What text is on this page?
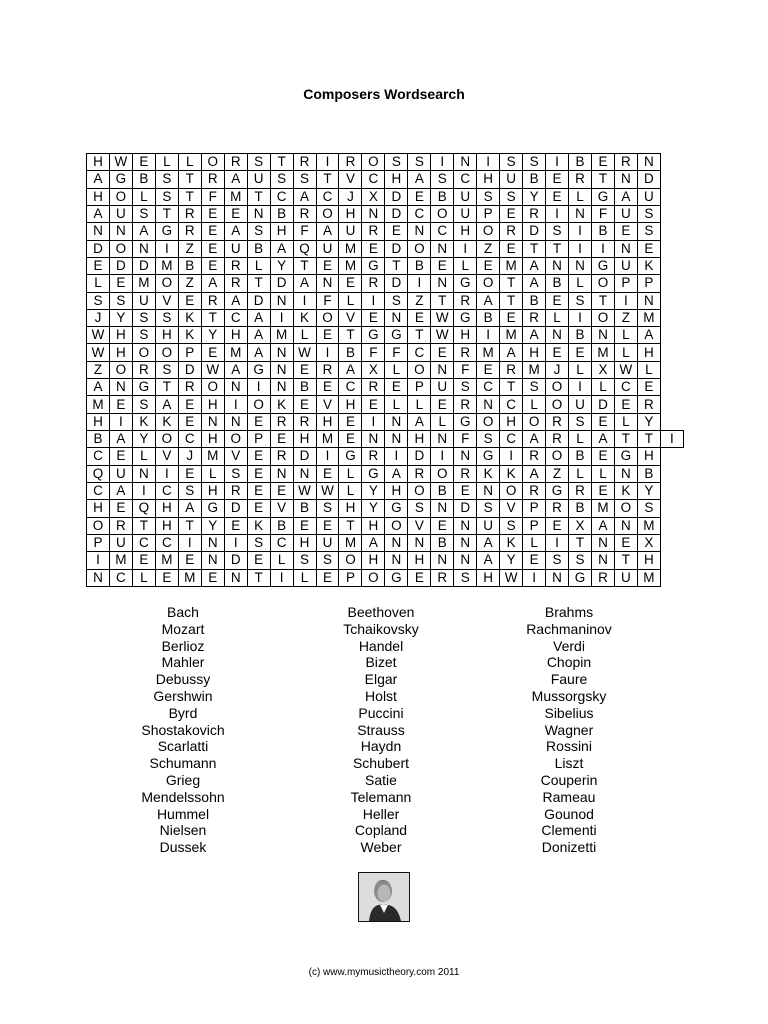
Composers Wordsearch
H	W	E	L	L	O	R	S	T	R	I	R	O	S	S	I	N	I	S	S	I	B	E	R	N	
A	G	B	S	T	R	A	U	S	S	T	V	C	H	A	S	C	H	U	B	E	R	T	N	D	
H	O	L	S	T	F	M	T	C	A	C	J	X	D	E	B	U	S	S	Y	E	L	G	A	U	
A	U	S	T	R	E	E	N	B	R	O	H	N	D	C	O	U	P	E	R	I	N	F	U	S	
N	N	A	G	R	E	A	S	H	F	A	U	R	E	N	C	H	O	R	D	S	I	B	E	S	
D	O	N	I	Z	E	U	B	A	Q	U	M	E	D	O	N	I	Z	E	T	T	I	I	N	E	
E	D	D	M	B	E	R	L	Y	T	E	M	G	T	B	E	L	E	M	A	N	N	G	U	K	
L	E	M	O	Z	A	R	T	D	A	N	E	R	D	I	N	G	O	T	A	B	L	O	P	P	
S	S	U	V	E	R	A	D	N	I	F	L	I	S	Z	T	R	A	T	B	E	S	T	I	N	
J	Y	S	S	K	T	C	A	I	K	O	V	E	N	E	W	G	B	E	R	L	I	O	Z	M	
W	H	S	H	K	Y	H	A	M	L	E	T	G	G	T	W	H	I	M	A	N	B	N	L	A	
W	H	O	O	P	E	M	A	N	W	I	B	F	F	C	E	R	M	A	H	E	E	M	L	H	
Z	O	R	S	D	W	A	G	N	E	R	A	X	L	O	N	F	E	R	M	J	L	X	W	L	
A	N	G	T	R	O	N	I	N	B	E	C	R	E	P	U	S	C	T	S	O	I	L	C	E	
M	E	S	A	E	H	I	O	K	E	V	H	E	L	L	E	R	N	C	L	O	U	D	E	R	
H	I	K	K	E	N	N	E	R	R	H	E	I	N	A	L	G	O	H	O	R	S	E	L	Y	
B	A	Y	O	C	H	O	P	E	H	M	E	N	N	H	N	F	S	C	A	R	L	A	T	T	I
C	E	L	V	J	M	V	E	R	D	I	G	R	I	D	I	N	G	I	R	O	B	E	G	H	
Q	U	N	I	E	L	S	E	N	N	E	L	G	A	R	O	R	K	K	A	Z	L	L	N	B	
C	A	I	C	S	H	R	E	E	W	W	L	Y	H	O	B	E	N	O	R	G	R	E	K	Y	
H	E	Q	H	A	G	D	E	V	B	S	H	Y	G	S	N	D	S	V	P	R	B	M	O	S	
O	R	T	H	T	Y	E	K	B	E	E	T	H	O	V	E	N	U	S	P	E	X	A	N	M	
P	U	C	C	I	N	I	S	C	H	U	M	A	N	N	B	N	A	K	L	I	T	N	E	X	
I	M	E	M	E	N	D	E	L	S	S	O	H	N	H	N	N	A	Y	E	S	S	N	T	H	
N	C	L	E	M	E	N	T	I	L	E	P	O	G	E	R	S	H	W	I	N	G	R	U	M	
Bach
Mozart
Berlioz
Mahler
Debussy
Gershwin
Byrd
Shostakovich
Scarlatti
Schumann
Grieg
Mendelssohn
Hummel
Nielsen
Dussek
Beethoven
Tchaikovsky
Handel
Bizet
Elgar
Holst
Puccini
Strauss
Haydn
Schubert
Satie
Telemann
Heller
Copland
Weber
Brahms
Rachmaninov
Verdi
Chopin
Faure
Mussorgsky
Sibelius
Wagner
Rossini
Liszt
Couperin
Rameau
Gounod
Clementi
Donizetti
(c) www.mymusictheory.com 2011
